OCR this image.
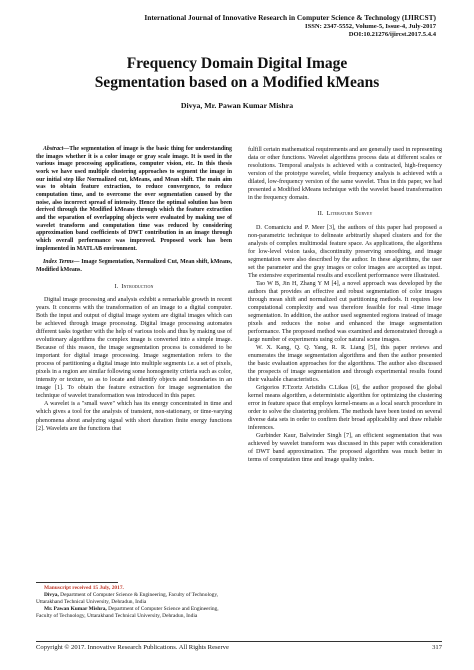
International Journal of Innovative Research in Computer Science & Technology (IJIRCST)
ISSN: 2347-5552, Volume-5, Issue-4, July-2017
DOI:10.21276/ijircst.2017.5.4.4
Frequency Domain Digital Image
Segmentation based on a Modified kMeans
Divya, Mr. Pawan Kumar Mishra

Abstract—The segmentation of image is the basic thing for understanding the images whether it is a color image or gray scale image. It is used in the various image processing applications, computer vision, etc. In this thesis work we have used multiple clustering approaches to segment the image in our initial step like Normalized cut, kMeans, and Mean shift. The main aim was to obtain feature extraction, to reduce convergence, to reduce computation time, and to overcome the over segmentation caused by the noise, also incorrect spread of intensity. Hence the optimal solution has been derived through the Modified kMeans through which the feature extraction and the separation of overlapping objects were evaluated by making use of wavelet transform and computation time was reduced by considering approximation band coefficients of DWT contribution in an image through which overall performance was improved. Proposed work has been implemented in MATLAB environment.

Index Terms— Image Segmentation, Normalized Cut, Mean shift, kMeans, Modified kMeans.

I. Introduction

Digital image processing and analysis exhibit a remarkable growth in recent years. It concerns with the transformation of an image to a digital computer. Both the input and output of digital image system are digital images which can be achieved through image processing. Digital image processing automates different tasks together with the help of various tools and thus by making use of evolutionary algorithms the complex image is converted into a simple image. Because of this reason, the image segmentation process is considered to be important for digital image processing. Image segmentation refers to the process of partitioning a digital image into multiple segments i.e. a set of pixels, pixels in a region are similar following some homogeneity criteria such as color, intensity or texture, so as to locate and identify objects and boundaries in an image [1]. To obtain the feature extraction for image segmentation the technique of wavelet transformation was introduced in this paper.

A wavelet is a "small wave" which has its energy concentrated in time and which gives a tool for the analysis of transient, non-stationary, or time-varying phenomena about analyzing signal with short duration finite energy functions [2]. Wavelets are the functions that

Manuscript received 15 July, 2017.
Divya, Department of Computer Science & Engineering, Faculty of Technology, Uttarakhand Technical University, Dehradun, India
Mr. Pawan Kumar Mishra, Department of Computer Science and Engineering, Faculty of Technology, Uttarakhand Technical University, Dehradun, India

fulfill certain mathematical requirements and are generally used in representing data or other functions. Wavelet algorithms process data at different scales or resolutions. Temporal analysis is achieved with a contracted, high-frequency version of the prototype wavelet, while frequency analysis is achieved with a dilated, low-frequency version of the same wavelet. Thus in this paper, we had presented a Modified kMeans technique with the wavelet based transformation in the frequency domain.

II. Literature Survey

D. Comaniciu and P. Meer [3], the authors of this paper had proposed a non-parametric technique to delineate arbitrarily shaped clusters and for the analysis of complex multimodal feature space. As applications, the algorithms for low-level vision tasks, discontinuity preserving smoothing, and image segmentation were also described by the author. In these algorithms, the user set the parameter and the gray images or color images are accepted as input. The extensive experimental results and excellent performance were illustrated.

Tao W B, Jin H, Zhang Y M [4], a novel approach was developed by the authors that provides an effective and robust segmentation of color images through mean shift and normalized cut partitioning methods. It requires low computational complexity and was therefore feasible for real -time image segmentation. In addition, the author used segmented regions instead of image pixels and reduces the noise and enhanced the image segmentation performance. The proposed method was examined and demonstrated through a large number of experiments using color natural scene images.

W. X. Kang, Q. Q. Yang, R. R. Liang [5], this paper reviews and enumerates the image segmentation algorithms and then the author presented the basic evaluation approaches for the algorithms. The author also discussed the prospects of image segmentation and through experimental results found their valuable characteristics.

Grigorios F.Tzortz Aristidis C.Likas [6], the author proposed the global kernel means algorithm, a deterministic algorithm for optimizing the clustering error in feature space that employs kernel-means as a local search procedure in order to solve the clustering problem. The methods have been tested on several diverse data sets in order to confirm their broad applicability and draw reliable inferences.

Gurbinder Kaur, Balwinder Singh [7], an efficient segmentation that was achieved by wavelet transform was discussed in this paper with consideration of DWT band approximation. The proposed algorithm was much better in terms of computation time and image quality index.

Copyright © 2017. Innovative Research Publications. All Rights Reserve	317
